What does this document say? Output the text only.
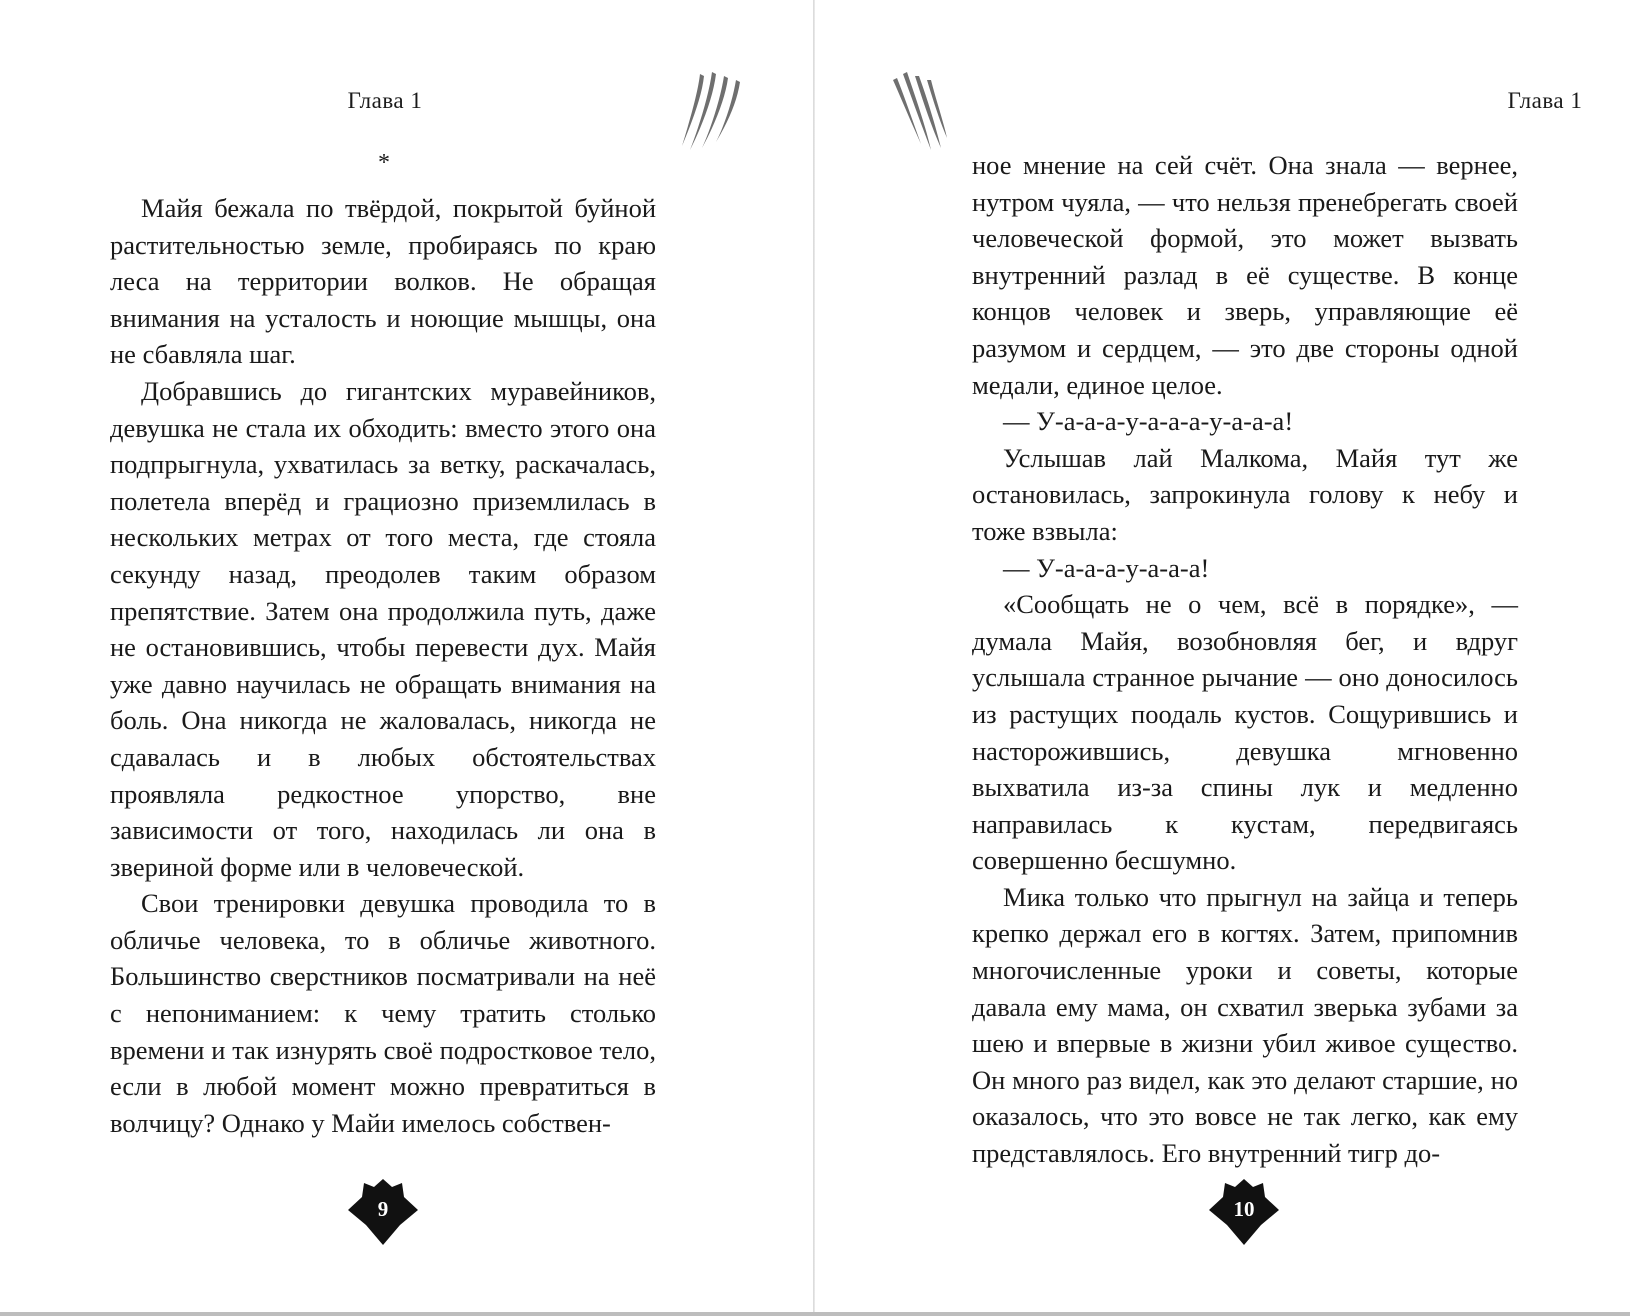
Глава 1

*

Майя бежала по твёрдой, покрытой буйной растительностью земле, пробираясь по краю леса на территории волков. Не обращая внимания на усталость и ноющие мышцы, она не сбавляла шаг.

Добравшись до гигантских муравейников, девушка не стала их обходить: вместо этого она подпрыгнула, ухватилась за ветку, раскачалась, полетела вперёд и грациозно приземлилась в нескольких метрах от того места, где стояла секунду назад, преодолев таким образом препятствие. Затем она продолжила путь, даже не остановившись, чтобы перевести дух. Майя уже давно научилась не обращать внимания на боль. Она никогда не жаловалась, никогда не сдавалась и в любых обстоятельствах проявляла редкостное упорство, вне зависимости от того, находилась ли она в звериной форме или в человеческой.

Свои тренировки девушка проводила то в обличье человека, то в обличье животного. Большинство сверстников посматривали на неё с непониманием: к чему тратить столько времени и так изнурять своё подростковое тело, если в любой момент можно превратиться в волчицу? Однако у Майи имелось собствен-

9

Глава 1

ное мнение на сей счёт. Она знала — вернее, нутром чуяла, — что нельзя пренебрегать своей человеческой формой, это может вызвать внутренний разлад в её существе. В конце концов человек и зверь, управляющие её разумом и сердцем, — это две стороны одной медали, единое целое.

— У-а-а-а-у-а-а-а-у-а-а-а!

Услышав лай Малкома, Майя тут же остановилась, запрокинула голову к небу и тоже взвыла:

— У-а-а-а-у-а-а-а!

«Сообщать не о чем, всё в порядке», — думала Майя, возобновляя бег, и вдруг услышала странное рычание — оно доносилось из растущих поодаль кустов. Сощурившись и насторожившись, девушка мгновенно выхватила из-за спины лук и медленно направилась к кустам, передвигаясь совершенно бесшумно.

Мика только что прыгнул на зайца и теперь крепко держал его в когтях. Затем, припомнив многочисленные уроки и советы, которые давала ему мама, он схватил зверька зубами за шею и впервые в жизни убил живое существо. Он много раз видел, как это делают старшие, но оказалось, что это вовсе не так легко, как ему представлялось. Его внутренний тигр до-

10
